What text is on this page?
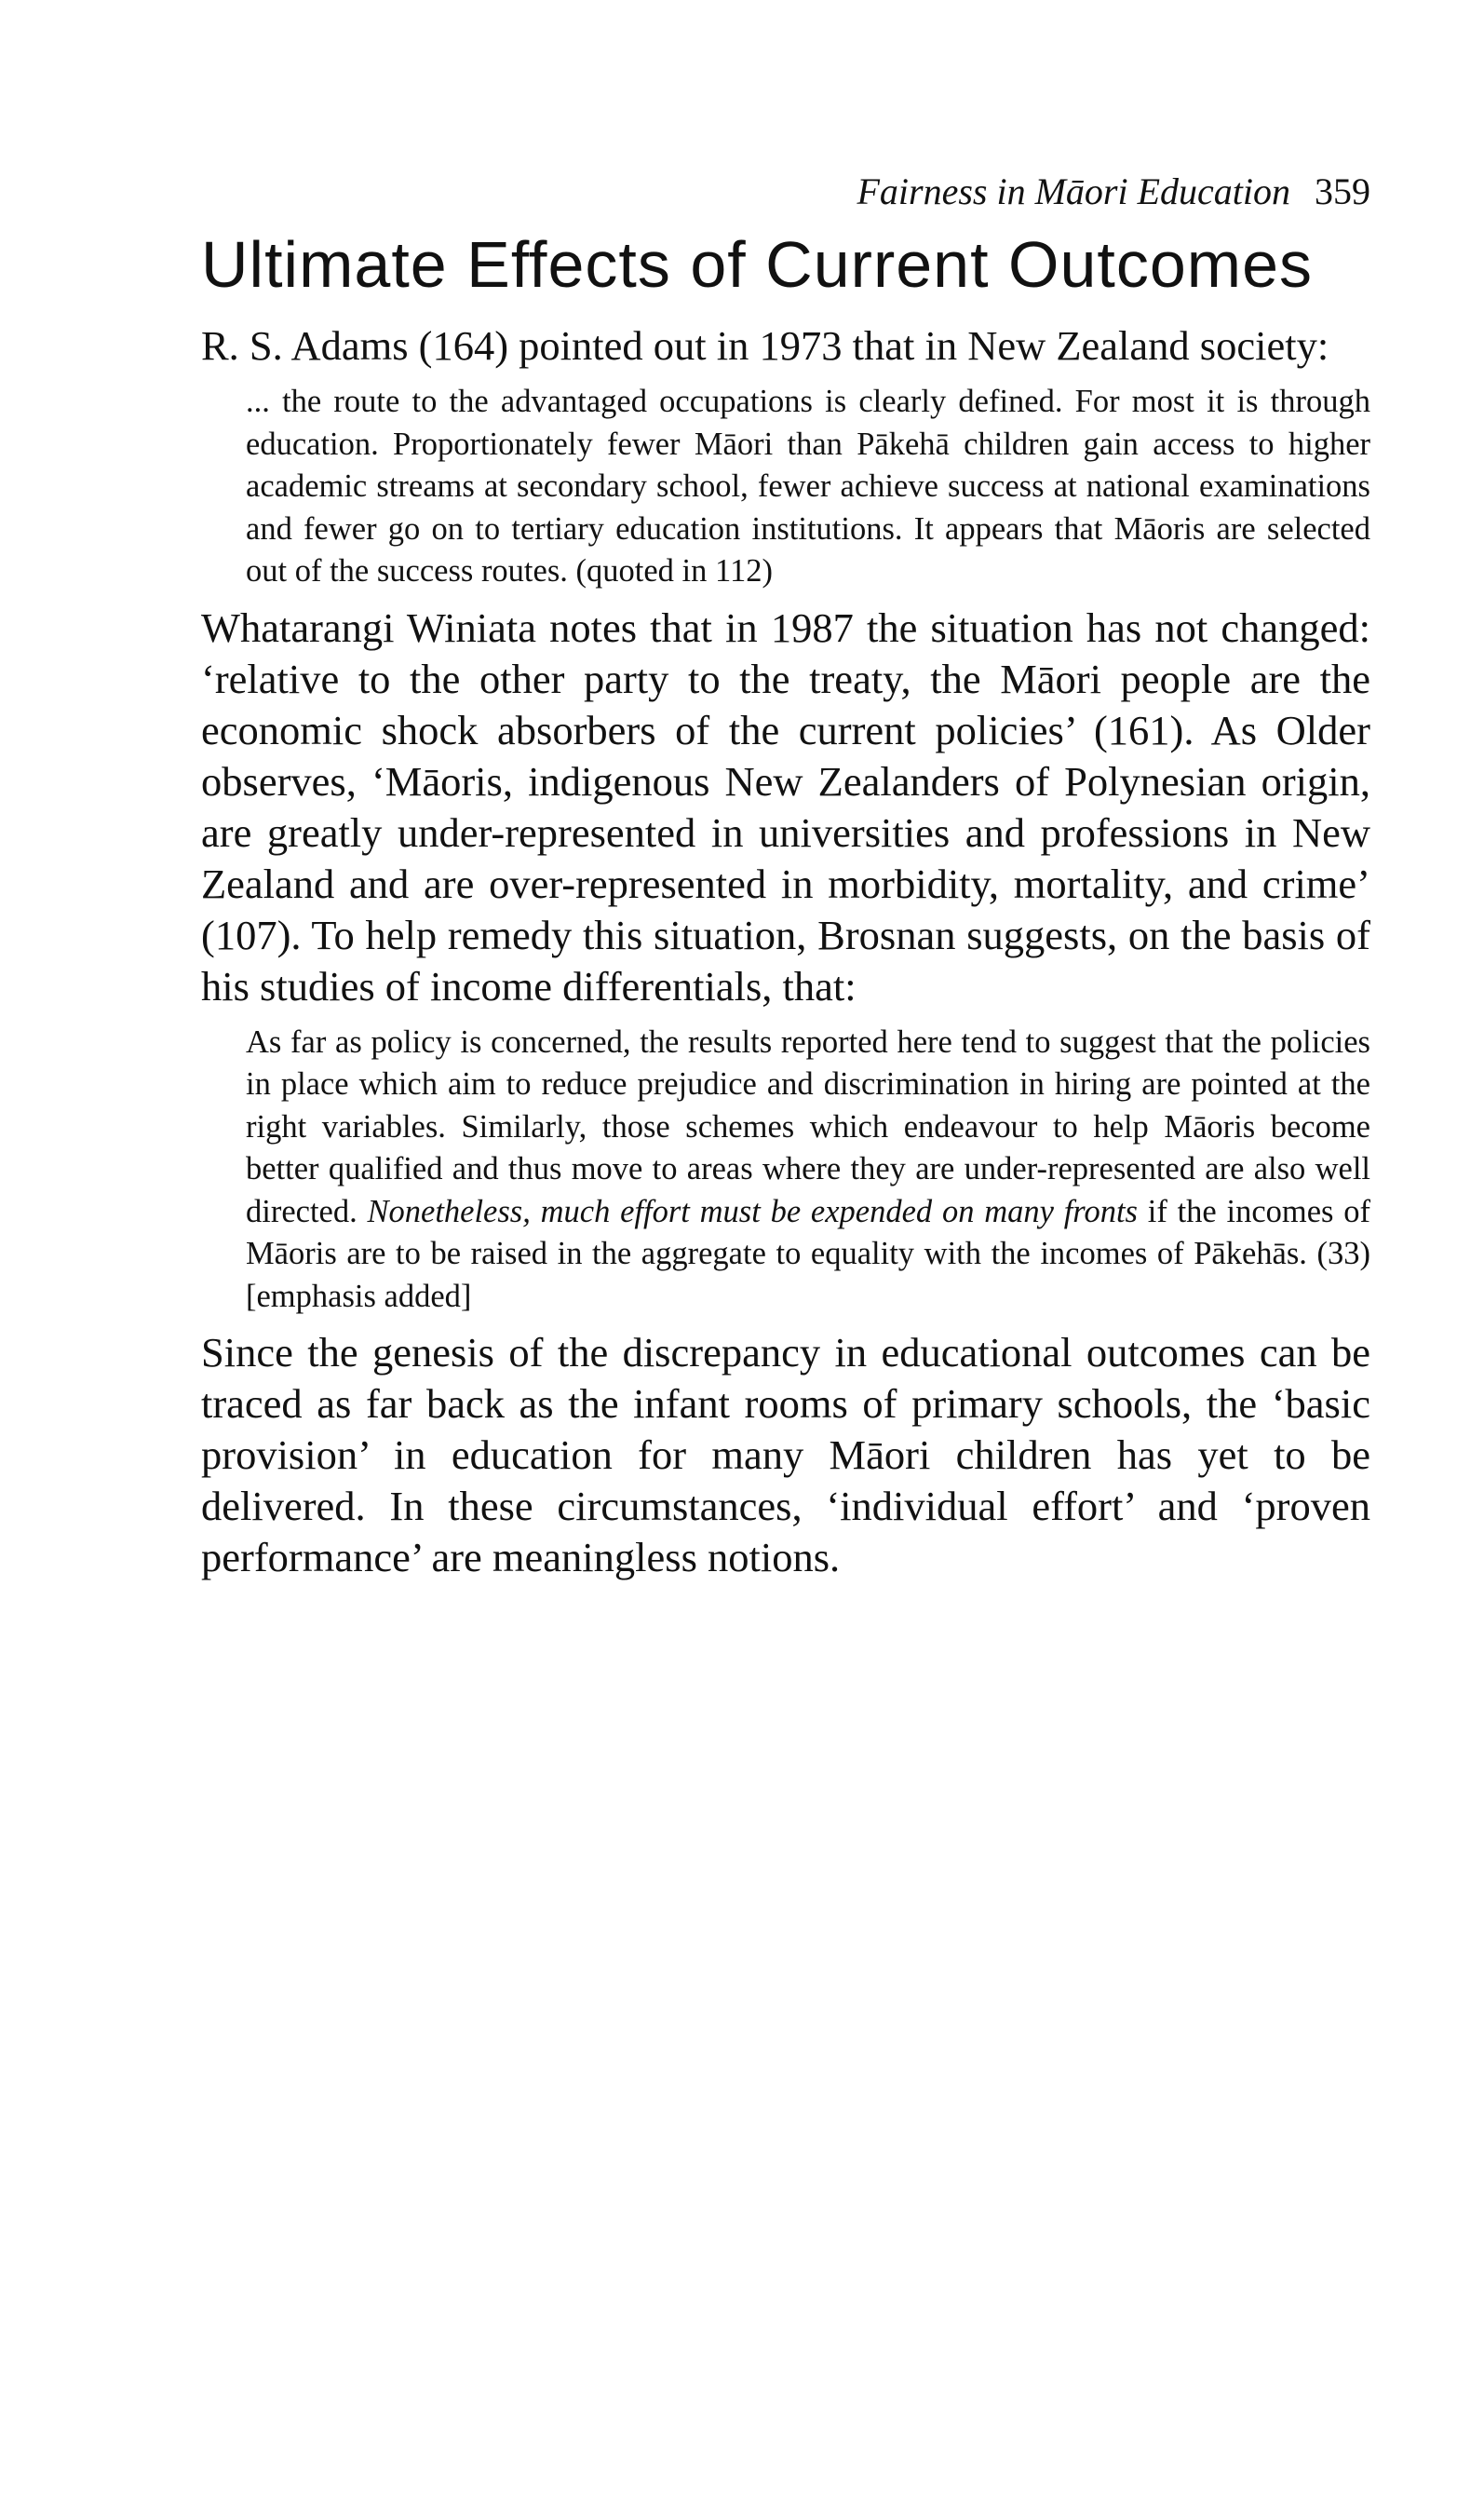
Fairness in Māori Education 359
Ultimate Effects of Current Outcomes

R. S. Adams (164) pointed out in 1973 that in New Zealand society:

... the route to the advantaged occupations is clearly defined. For most it is through education. Proportionately fewer Māori than Pākehā children gain access to higher academic streams at secondary school, fewer achieve success at national examinations and fewer go on to tertiary education institutions. It appears that Māoris are selected out of the success routes. (quoted in 112)

Whatarangi Winiata notes that in 1987 the situation has not changed: ‘relative to the other party to the treaty, the Māori people are the economic shock absorbers of the current policies’ (161). As Older observes, ‘Māoris, indigenous New Zealanders of Polynesian origin, are greatly under-represented in universities and professions in New Zealand and are over-represented in morbidity, mortality, and crime’ (107). To help remedy this situation, Brosnan suggests, on the basis of his studies of income differentials, that:

As far as policy is concerned, the results reported here tend to suggest that the policies in place which aim to reduce prejudice and discrimination in hiring are pointed at the right variables. Similarly, those schemes which endeavour to help Māoris become better qualified and thus move to areas where they are under-represented are also well directed. Nonetheless, much effort must be expended on many fronts if the incomes of Māoris are to be raised in the aggregate to equality with the incomes of Pākehās. (33) [emphasis added]

Since the genesis of the discrepancy in educational outcomes can be traced as far back as the infant rooms of primary schools, the ‘basic provision’ in education for many Māori children has yet to be delivered. In these circumstances, ‘individual effort’ and ‘proven performance’ are meaningless notions.
